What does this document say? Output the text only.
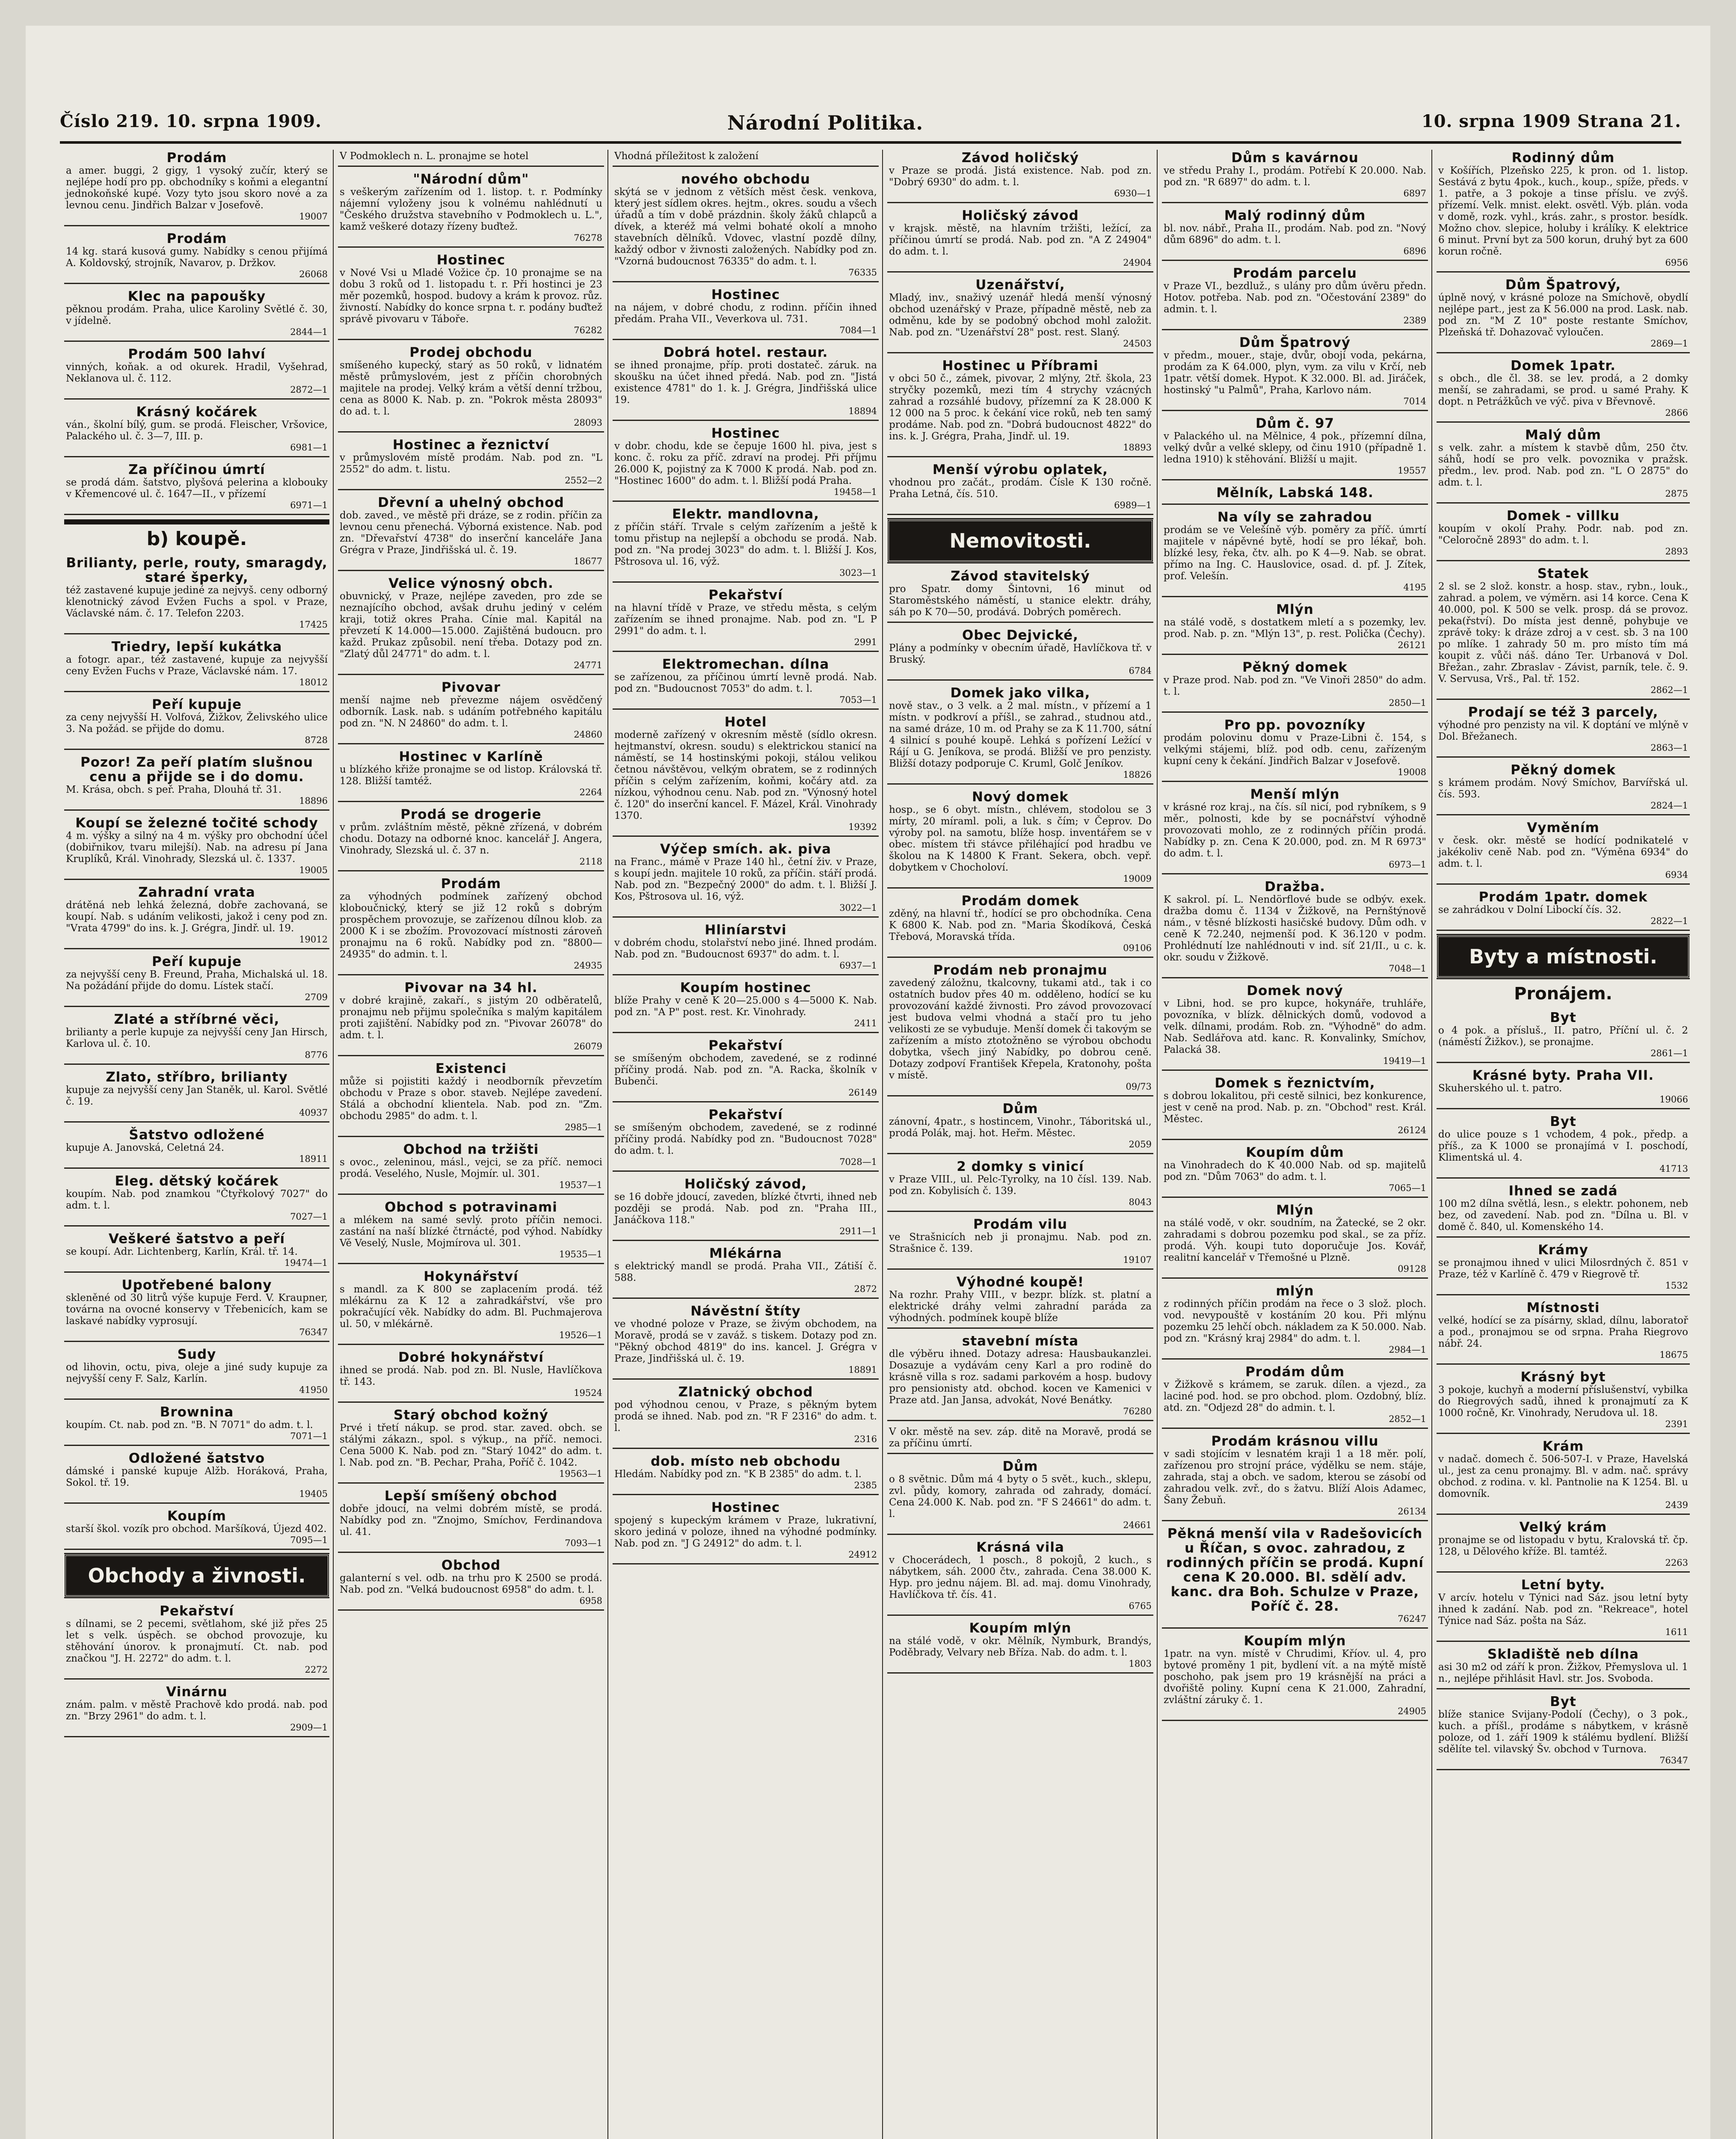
Číslo 219. 10. srpna 1909.	Národní Politika.	10. srpna 1909 Strana 21.
Prodám

a amer. buggi, 2 gigy, 1 vysoký zučír, který se nejlépe hodí pro pp. obchodníky s koňmi a elegantní jednokoňské kupé. Vozy tyto jsou skoro nové a za levnou cenu. Jindřich Balzar v Josefově.

19007
Prodám

14 kg. stará kusová gumy. Nabídky s cenou přijímá A. Koldovský, strojník, Navarov, p. Držkov.

26068
Klec na papoušky

pěknou prodám. Praha, ulice Karoliny Světlé č. 30, v jídelně.

2844—1
Prodám 500 lahví

vinných, koňak. a od okurek. Hradil, Vyšehrad, Neklanova ul. č. 112.

2872—1
Krásný kočárek

ván., školní bílý, gum. se prodá. Fleischer, Vršovice, Palackého ul. č. 3—7, III. p.

6981—1
Za příčinou úmrtí

se prodá dám. šatstvo, plyšová pelerina a klobouky v Křemencové ul. č. 1647—II., v přízemí

6971—1
b) koupě.
Brilianty, perle, routy, smaragdy, staré šperky,

též zastavené kupuje jediné za nejvyš. ceny odborný klenotnický závod Evžen Fuchs a spol. v Praze, Václavské nám. č. 17. Telefon 2203.

17425
Triedry, lepší kukátka

a fotogr. apar., též zastavené, kupuje za nejvyšší ceny Evžen Fuchs v Praze, Václavské nám. 17.

18012
Peří kupuje

za ceny nejvyšší H. Volfová, Žižkov, Želivského ulice 3. Na požád. se přijde do domu.

8728
Pozor! Za peří platím slušnou cenu a přijde se i do domu.

M. Krása, obch. s peř. Praha, Dlouhá tř. 31.

18896
Koupí se železné točité schody

4 m. výšky a silný na 4 m. výšky pro obchodní účel (dobiřnikov, tvaru milejší). Nab. na adresu pí Jana Kruplíků, Král. Vinohrady, Slezská ul. č. 1337.

19005
Zahradní vrata

drátěná neb lehká železná, dobře zachovaná, se koupí. Nab. s udáním velikosti, jakož i ceny pod zn. "Vrata 4799" do ins. k. J. Grégra, Jindř. ul. 19.

19012
Peří kupuje

za nejvyšší ceny B. Freund, Praha, Michalská ul. 18. Na požádání přijde do domu. Lístek stačí.

2709
Zlaté a stříbrné věci,

brilianty a perle kupuje za nejvyšší ceny Jan Hirsch, Karlova ul. č. 10.

8776
Zlato, stříbro, brilianty

kupuje za nejvyšší ceny Jan Staněk, ul. Karol. Světlé č. 19.

40937
Šatstvo odložené

kupuje A. Janovská, Celetná 24.

18911
Eleg. dětský kočárek

koupím. Nab. pod znamkou "Čtyřkolový 7027" do adm. t. l.

7027—1
Veškeré šatstvo a peří

se koupí. Adr. Lichtenberg, Karlín, Král. tř. 14.

19474—1
Upotřebené balony

skleněné od 30 litrů výše kupuje Ferd. V. Kraupner, továrna na ovocné konservy v Třebenicích, kam se laskavé nabídky vyprosují.

76347
Sudy

od lihovin, octu, piva, oleje a jiné sudy kupuje za nejvyšší ceny F. Salz, Karlín.

41950
Brownina

koupím. Ct. nab. pod zn. "B. N 7071" do adm. t. l.

7071—1
Odložené šatstvo

dámské i panské kupuje Alžb. Horáková, Praha, Sokol. tř. 19.

19405
Koupím

starší škol. vozík pro obchod. Maršíková, Újezd 402.

7095—1
Obchody a živnosti.
Pekařství

s dílnami, se 2 pecemi, světlahom, ské již přes 25 let s velk. úspěch. se obchod provozuje, ku stěhování únorov. k pronajmutí. Ct. nab. pod značkou "J. H. 2272" do adm. t. l.

2272
Vinárnu

znám. palm. v městě Prachově kdo prodá. nab. pod zn. "Brzy 2961" do adm. t. l.

2909—1

V Podmoklech n. L. pronajme se hotel

"Národní dům"

s veškerým zařízením od 1. listop. t. r. Podmínky nájemní vyloženy jsou k volnému nahlédnutí u "Českého družstva stavebního v Podmoklech u. L.", kamž veškeré dotazy řízeny buďtež.

76278
Hostinec

v Nové Vsi u Mladé Vožice čp. 10 pronajme se na dobu 3 roků od 1. listopadu t. r. Při hostinci je 23 měr pozemků, hospod. budovy a krám k provoz. růz. živností. Nabídky do konce srpna t. r. podány buďtež správě pivovaru v Táboře.

76282
Prodej obchodu

smíšeného kupecký, starý as 50 roků, v lidnatém městě průmyslovém, jest z příčin chorobných majitele na prodej. Velký krám a větší denní tržbou, cena as 8000 K. Nab. p. zn. "Pokrok města 28093" do ad. t. l.

28093
Hostinec a řeznictví

v průmyslovém místě prodám. Nab. pod zn. "L 2552" do adm. t. listu.

2552—2
Dřevní a uhelný obchod

dob. zaved., ve městě při dráze, se z rodin. příčin za levnou cenu přenechá. Výborná existence. Nab. pod zn. "Dřevařství 4738" do inserční kanceláře Jana Grégra v Praze, Jindřišská ul. č. 19.

18677
Velice výnosný obch.

obuvnický, v Praze, nejlépe zaveden, pro zde se neznajícího obchod, avšak druhu jediný v celém kraji, totiž okres Praha. Cínie mal. Kapitál na převzetí K 14.000—15.000. Zajištěná budoucn. pro každ. Prukaz způsobil. není třeba. Dotazy pod zn. "Zlatý důl 24771" do adm. t. l.

24771
Pivovar

menší najme neb převezme nájem osvědčený odborník. Lask. nab. s udáním potřebného kapitálu pod zn. "N. N 24860" do adm. t. l.

24860
Hostinec v Karlíně

u blízkého křiže pronajme se od listop. Královská tř. 128. Bližší tamtéž.

2264
Prodá se drogerie

v prům. zvláštním městě, pěkně zřízená, v dobrém chodu. Dotazy na odborné knoc. kancelář J. Angera, Vinohrady, Slezská ul. č. 37 n.

2118
Prodám

za výhodných podmínek zařízený obchod kloboučnický, který se již 12 roků s dobrým prospěchem provozuje, se zařízenou dílnou klob. za 2000 K i se zbožím. Provozovací místnosti zároveň pronajmu na 6 roků. Nabídky pod zn. "8800—24935" do admin. t. l.

24935
Pivovar na 34 hl.

v dobré krajině, zakaří., s jistým 20 odběratelů, pronajmu neb přijmu společníka s malým kapitálem proti zajištění. Nabídky pod zn. "Pivovar 26078" do adm. t. l.

26079
Existenci

může si pojistiti každý i neodborník převzetím obchodu v Praze s obor. staveb. Nejlépe zavedení. Stálá a obchodní klientela. Nab. pod zn. "Zm. obchodu 2985" do adm. t. l.

2985—1
Obchod na tržišti

s ovoc., zeleninou, másl., vejci, se za příč. nemoci prodá. Veselého, Nusle, Mojmír. ul. 301.

19537—1
Obchod s potravinami

a mlékem na samé sevlý. proto příčin nemoci. zastání na naší blízké čtrnácté, pod výhod. Nabídky Vě Veselý, Nusle, Mojmírova ul. 301.

19535—1
Hokynářství

s mandl. za K 800 se zaplacením prodá. též mlékárnu za K 12 a zahradkářství, vše pro pokračující věk. Nabídky do adm. Bl. Puchmajerova ul. 50, v mlékárně.

19526—1
Dobré hokynářství

ihned se prodá. Nab. pod zn. Bl. Nusle, Havlíčkova tř. 143.

19524
Starý obchod kožný

Prvé i třetí nákup. se prod. star. zaved. obch. se stálými zákazn., spol. s výkup., na příč. nemoci. Cena 5000 K. Nab. pod zn. "Starý 1042" do adm. t. l. Nab. pod zn. "B. Pechar, Praha, Poříč č. 1042.

19563—1
Lepší smíšený obchod

dobře jdoucí, na velmi dobrém místě, se prodá. Nabídky pod zn. "Znojmo, Smíchov, Ferdinandova ul. 41.

7093—1
Obchod

galanterní s vel. odb. na trhu pro K 2500 se prodá. Nab. pod zn. "Velká budoucnost 6958" do adm. t. l.

6958

Vhodná příležitost k založení

nového obchodu

skýtá se v jednom z větších měst česk. venkova, který jest sídlem okres. hejtm., okres. soudu a všech úřadů a tím v době prázdnin. školy žáků chlapců a dívek, a kteréž má velmi bohaté okolí a mnoho stavebních dělníků. Vdovec, vlastní pozdě dílny, každý odbor v živnosti založených. Nabídky pod zn. "Vzorná budoucnost 76335" do adm. t. l.

76335
Hostinec

na nájem, v dobré chodu, z rodinn. příčin ihned předám. Praha VII., Veverkova ul. 731.

7084—1
Dobrá hotel. restaur.

se ihned pronajme, příp. proti dostateč. záruk. na skoušku na účet ihned předá. Nab. pod zn. "Jistá existence 4781" do 1. k. J. Grégra, Jindřišská ulice 19.

18894
Hostinec

v dobr. chodu, kde se čepuje 1600 hl. piva, jest s konc. č. roku za příč. zdraví na prodej. Při příjmu 26.000 K, pojistný za K 7000 K prodá. Nab. pod zn. "Hostinec 1600" do adm. t. l. Bližší podá Praha.

19458—1
Elektr. mandlovna,

z příčin stáří. Trvale s celým zařízením a ještě k tomu přistup na nejlepší a obchodu se prodá. Nab. pod zn. "Na prodej 3023" do adm. t. l. Bližší J. Kos, Pštrosova ul. 16, výž.

3023—1
Pekařství

na hlavní třídě v Praze, ve středu města, s celým zařízením se ihned pronajme. Nab. pod zn. "L P 2991" do adm. t. l.

2991
Elektromechan. dílna

se zařízenou, za příčinou úmrtí levně prodá. Nab. pod zn. "Budoucnost 7053" do adm. t. l.

7053—1
Hotel

moderně zařízený v okresním městě (sídlo okresn. hejtmanství, okresn. soudu) s elektrickou stanicí na náměstí, se 14 hostinskými pokoji, stálou velikou četnou návštěvou, velkým obratem, se z rodinných příčin s celým zařízením, koňmi, kočáry atd. za nízkou, výhodnou cenu. Nab. pod zn. "Výnosný hotel č. 120" do inserční kancel. F. Mázel, Král. Vinohrady 1370.

19392
Výčep smích. ak. piva

na Franc., mámě v Praze 140 hl., četní živ. v Praze, s koupí jedn. majitele 10 roků, za příčin. stáří prodá. Nab. pod zn. "Bezpečný 2000" do adm. t. l. Bližší J. Kos, Pštrosova ul. 16, výž.

3022—1
Hliníarstvi

v dobrém chodu, stolařství nebo jiné. Ihned prodám. Nab. pod zn. "Budoucnost 6937" do adm. t. l.

6937—1
Koupím hostinec

blíže Prahy v ceně K 20—25.000 s 4—5000 K. Nab. pod zn. "A P" post. rest. Kr. Vinohrady.

2411
Pekařství

se smíšeným obchodem, zavedené, se z rodinné příčiny prodá. Nab. pod zn. "A. Racka, školník v Bubenči.

26149
Pekařství

se smíšeným obchodem, zavedené, se z rodinné příčiny prodá. Nabídky pod zn. "Budoucnost 7028" do adm. t. l.

7028—1
Holičský závod,

se 16 dobře jdoucí, zaveden, blízké čtvrti, ihned neb později se prodá. Nab. pod zn. "Praha III., Janáčkova 118."

2911—1
Mlékárna

s elektrický mandl se prodá. Praha VII., Zátiší č. 588.

2872
Návěstní štíty

ve vhodné poloze v Praze, se živým obchodem, na Moravě, prodá se v zaváž. s tiskem. Dotazy pod zn. "Pěkný obchod 4819" do ins. kancel. J. Grégra v Praze, Jindřišská ul. č. 19.

18891
Zlatnický obchod

pod výhodnou cenou, v Praze, s pěkným bytem prodá se ihned. Nab. pod zn. "R F 2316" do adm. t. l.

2316
dob. místo neb obchodu

Hledám. Nabídky pod zn. "K B 2385" do adm. t. l.

2385
Hostinec

spojený s kupeckým krámem v Praze, lukrativní, skoro jediná v poloze, ihned na výhodné podmínky. Nab. pod zn. "J G 24912" do adm. t. l.

24912
Závod holičský

v Praze se prodá. Jistá existence. Nab. pod zn. "Dobrý 6930" do adm. t. l.

6930—1
Holičský závod

v krajsk. městě, na hlavním tržišti, ležící, za příčinou úmrtí se prodá. Nab. pod zn. "A Z 24904" do adm. t. l.

24904
Uzenářství,

Mladý, inv., snaživý uzenář hledá menší výnosný obchod uzenářský v Praze, případně městě, neb za odměnu, kde by se podobný obchod mohl založit. Nab. pod zn. "Uzenářství 28" post. rest. Slaný.

24503
Hostinec u Příbrami

v obci 50 č., zámek, pivovar, 2 mlýny, 2tř. škola, 23 stryčky pozemků, mezi tím 4 strychy vzácných zahrad a rozsáhlé budovy, přízemní za K 28.000 K 12 000 na 5 proc. k čekání vice roků, neb ten samý prodáme. Nab. pod zn. "Dobrá budoucnost 4822" do ins. k. J. Grégra, Praha, Jindř. ul. 19.

18893
Menší výrobu oplatek,

vhodnou pro začát., prodám. Čísle K 130 ročně. Praha Letná, čís. 510.

6989—1
Nemovitosti.
Závod stavitelský

pro Spatr. domy Šintovni, 16 minut od Staroměstského náměstí, u stanice elektr. dráhy, sáh po K 70—50, prodává. Dobrých poměrech.

Obec Dejvické,

Plány a podmínky v obecním úřadě, Havlíčkova tř. v Bruský.

6784
Domek jako vilka,

nově stav., o 3 velk. a 2 mal. místn., v přízemí a 1 místn. v podkroví a příšl., se zahrad., studnou atd., na samé dráze, 10 m. od Prahy se za K 11.700, sátní 4 silnicí s pouhé koupě. Lehká s pořízení Ležící v Rájí u G. Jeníkova, se prodá. Bližší ve pro penzisty. Bližší dotazy podporuje C. Kruml, Golč Jeníkov.

18826
Nový domek

hosp., se 6 obyt. místn., chlévem, stodolou se 3 mírty, 20 míraml. poli, a luk. s čím; v Čeprov. Do výroby pol. na samotu, blíže hosp. inventářem se v obec. místem tři stávce přiléhající pod hradbu ve školou na K 14800 K Frant. Sekera, obch. vepř. dobytkem v Chocholoví.

19009
Prodám domek

zděný, na hlavní tř., hodící se pro obchodníka. Cena K 6800 K. Nab. pod zn. "Maria Škodíková, Česká Třebová, Moravská třída.

09106
Prodám neb pronajmu

zavedený záložnu, tkalcovny, tukami atd., tak i co ostatních budov přes 40 m. odděleno, hodící se ku provozování každé živnosti. Pro závod provozovací jest budova velmi vhodná a stačí pro tu jeho velikosti ze se vybuduje. Menší domek či takovým se zařízením a místo ztotožněno se výrobou obchodu dobytka, všech jiný Nabídky, po dobrou ceně. Dotazy zodpoví František Křepela, Kratonohy, pošta v místě.

09/73
Dům

zánovní, 4patr., s hostincem, Vinohr., Táboritská ul., prodá Polák, maj. hot. Heřm. Městec.

2059
2 domky s vinicí

v Praze VIII., ul. Pelc-Tyrolky, na 10 čísl. 139. Nab. pod zn. Kobylisích č. 139.

8043
Prodám vilu

ve Strašnicích neb ji pronajmu. Nab. pod zn. Strašnice č. 139.

19107
Výhodné koupě!

Na rozhr. Prahy VIII., v bezpr. blízk. st. platní a elektrické dráhy velmi zahradní paráda za výhodných. podmínek koupě blíže

stavební místa

dle výběru ihned. Dotazy adresa: Hausbaukanzlei. Dosazuje a vydávám ceny Karl a pro rodině do krásně villa s roz. sadami parkovém a hosp. budovy pro pensionisty atd. obchod. kocen ve Kamenici v Praze atd. Jan Jansa, advokát, Nové Benátky.

76280

V okr. městě na sev. záp. ditě na Moravě, prodá se za příčinu úmrtí.

Dům

o 8 světnic. Dům má 4 byty o 5 svět., kuch., sklepu, zvl. půdy, komory, zahrada od zahrady, domácí. Cena 24.000 K. Nab. pod zn. "F S 24661" do adm. t. l.

24661
Krásná vila

v Chocerádech, 1 posch., 8 pokojů, 2 kuch., s nábytkem, sáh. 2000 čtv., zahrada. Cena 38.000 K. Hyp. pro jednu nájem. Bl. ad. maj. domu Vinohrady, Havlíčkova tř. čís. 41.

6765
Koupím mlýn

na stálé vodě, v okr. Mělník, Nymburk, Brandýs, Poděbrady, Velvary neb Bříza. Nab. do adm. t. l.

1803
Dům s kavárnou

ve středu Prahy I., prodám. Potřebí K 20.000. Nab. pod zn. "R 6897" do adm. t. l.

6897
Malý rodinný dům

bl. nov. nábř., Praha II., prodám. Nab. pod zn. "Nový dům 6896" do adm. t. l.

6896
Prodám parcelu

v Praze VI., bezdluž., s ulány pro dům úvěru předn. Hotov. potřeba. Nab. pod zn. "Očestování 2389" do admin. t. l.

2389
Dům Špatrový

v předm., mouer., staje, dvůr, obojí voda, pekárna, prodám za K 64.000, plyn, vym. za vilu v Krčí, neb 1patr. větší domek. Hypot. K 32.000. Bl. ad. Jiráček, hostinský "u Palmů", Praha, Karlovo nám.

7014
Dům č. 97

v Palackého ul. na Mělnice, 4 pok., přízemní dílna, velký dvůr a velké sklepy, od činu 1910 (případně 1. ledna 1910) k stěhování. Bližší u majit.

19557
Mělník, Labská 148.
Na víly se zahradou

prodám se ve Velešíně výb. poměry za příč. úmrtí majitele v nápěvné bytě, hodí se pro lékař, boh. blízké lesy, řeka, čtv. alh. po K 4—9. Nab. se obrat. přímo na Ing. C. Hauslovice, osad. d. pf. J. Zítek, prof. Velešín.

4195
Mlýn

na stálé vodě, s dostatkem mletí a s pozemky, lev. prod. Nab. p. zn. "Mlýn 13", p. rest. Polička (Čechy).

26121
Pěkný domek

v Praze prod. Nab. pod zn. "Ve Vinoři 2850" do adm. t. l.

2850—1
Pro pp. povozníky

prodám polovinu domu v Praze-Libni č. 154, s velkými stájemi, blíž. pod odb. cenu, zařízeným kupní ceny k čekání. Jindřich Balzar v Josefově.

19008
Menší mlýn

v krásné roz kraj., na čís. síl nicí, pod rybníkem, s 9 měr., polnosti, kde by se pocnářství výhodně provozovati mohlo, ze z rodinných příčin prodá. Nabídky p. zn. Cena K 20.000, pod. zn. M R 6973" do adm. t. l.

6973—1
Dražba.

K sakrol. pí. L. Nendörflové bude se odbýv. exek. dražba domu č. 1134 v Žižkově, na Pernštýnově nám., v těsné blízkosti hasičské budovy. Dům odh. v ceně K 72.240, nejmenší pod. K 36.120 v podm. Prohlédnutí lze nahlédnouti v ind. síť 21/II., u c. k. okr. soudu v Žižkově.

7048—1
Domek nový

v Libni, hod. se pro kupce, hokynáře, truhláře, povozníka, v blízk. dělnických domů, vodovod a velk. dílnami, prodám. Rob. zn. "Výhodně" do adm. Nab. Sedlářova atd. kanc. R. Konvalinky, Smíchov, Palacká 38.

19419—1
Domek s řeznictvím,

s dobrou lokalitou, při cestě silnici, bez konkurence, jest v ceně na prod. Nab. p. zn. "Obchod" rest. Král. Městec.

26124
Koupím dům

na Vinohradech do K 40.000 Nab. od sp. majitelů pod zn. "Dům 7063" do adm. t. l.

7065—1
Mlýn

na stálé vodě, v okr. soudním, na Žatecké, se 2 okr. zahradami s dobrou pozemku pod skal., se za příz. prodá. Výh. koupi tuto doporučuje Jos. Kovář, realitní kancelář v Třemošné u Plzně.

09128
mlýn

z rodinných příčin prodám na řece o 3 slož. ploch. vod. nevypouště v kostáním 20 kou. Při mlýnu pozemku 25 lehčí obch. nákladem za K 50.000. Nab. pod zn. "Krásný kraj 2984" do adm. t. l.

2984—1
Prodám dům

v Žižkově s krámem, se zaruk. dílen. a vjezd., za laciné pod. hod. se pro obchod. plom. Ozdobný, blíz. atd. zn. "Odjezd 28" do admin. t. l.

2852—1
Prodám krásnou villu

v sadi stojícím v lesnatém kraji 1 a 18 měr. polí, zařízenou pro strojní práce, výdělku se nem. stáje, zahrada, staj a obch. ve sadom, kterou se zásobí od zahradou velk. zvř., do s žatvu. Blíží Alois Adamec, Šany Žebuň.

26134
Pěkná menší vila v Radešovicích u Říčan, s ovoc. zahradou, z rodinných příčin se prodá. Kupní cena K 20.000. Bl. sdělí adv. kanc. dra Boh. Schulze v Praze, Poříč č. 28.
76247
Koupím mlýn

1patr. na vyn. místě v Chrudimi, Kříov. ul. 4, pro bytové proměny 1 pit, bydlení vít. a na mýtě místě poschoho, pak jsem pro 19 krásnější na práci a dvořiště poliny. Kupní cena K 21.000, Zahradní, zvláštní záruky č. 1.

24905
Rodinný dům

v Košířích, Plzeňsko 225, k pron. od 1. listop. Sestává z bytu 4pok., kuch., koup., spíže, předs. v 1. patře, a 3 pokoje a tinse příslu. ve zvýš. přízemí. Velk. mnist. elekt. osvětl. Výb. plán. voda v domě, rozk. vyhl., krás. zahr., s prostor. besídk. Možno chov. slepice, holuby i králíky. K elektrice 6 minut. První byt za 500 korun, druhý byt za 600 korun ročně.

6956
Dům Špatrový,

úplně nový, v krásné poloze na Smíchově, obydlí nejlépe part., jest za K 56.000 na prod. Lask. nab. pod zn. "M Z 10" poste restante Smíchov, Plzeňská tř. Dohazovač vyloučen.

2869—1
Domek 1patr.

s obch., dle čl. 38. se lev. prodá, a 2 domky menší, se zahradami, se prod. u samé Prahy. K dopt. n Petrážkůch ve výč. piva v Břevnově.

2866
Malý dům

s velk. zahr. a místem k stavbě dům, 250 čtv. sáhů, hodí se pro velk. povoznika v pražsk. předm., lev. prod. Nab. pod zn. "L O 2875" do adm. t. l.

2875
Domek - villku

koupím v okolí Prahy. Podr. nab. pod zn. "Celoročně 2893" do adm. t. l.

2893
Statek

2 sl. se 2 slož. konstr. a hosp. stav., rybn., louk., zahrad. a polem, ve výměrn. asi 14 korce. Cena K 40.000, pol. K 500 se velk. prosp. dá se provoz. peka(řství). Do místa jest denně, pohybuje ve zprávě toky: k dráze zdroj a v cest. sb. 3 na 100 po mlíke. 1 zahrady 50 m. pro místo tím má koupit z. vůči náš. dáno Ter. Urbanová v Dol. Břežan., zahr. Zbraslav - Závist, parník, tele. č. 9. V. Servusa, Vrš., Pal. tř. 152.

2862—1
Prodají se též 3 parcely,

výhodné pro penzisty na vil. K doptání ve mlýně v Dol. Břežanech.

2863—1
Pěkný domek

s krámem prodám. Nový Smíchov, Barvířská ul. čís. 593.

2824—1
Vyměním

v česk. okr. městě se hodící podnikatelé v jakékoliv ceně Nab. pod zn. "Výměna 6934" do adm. t. l.

6934
Prodám 1patr. domek

se zahrádkou v Dolní Libockí čís. 32.

2822—1
Byty a místnosti.
Pronájem.
Byt

o 4 pok. a přísluš., II. patro, Příční ul. č. 2 (náměstí Žižkov.), se pronajme.

2861—1
Krásné byty. Praha VII.

Skuherského ul. t. patro.

19066
Byt

do ulice pouze s 1 vchodem, 4 pok., předp. a příš., za K 1000 se pronajímá v I. poschodí, Klimentská ul. 4.

41713
Ihned se zadá

100 m2 dílna světlá, lesn., s elektr. pohonem, neb bez, od zavedení. Nab. pod zn. "Dílna u. Bl. v domě č. 840, ul. Komenského 14.

Krámy

se pronajmou ihned v ulici Milosrdných č. 851 v Praze, též v Karlíně č. 479 v Riegrově tř.

1532
Místnosti

velké, hodící se za písárny, sklad, dílnu, laboratoř a pod., pronajmou se od srpna. Praha Riegrovo nábř. 24.

18675
Krásný byt

3 pokoje, kuchyň a moderní příslušenství, vybilka do Riegrových sadů, ihned k pronajmutí za K 1000 ročně, Kr. Vinohrady, Nerudova ul. 18.

2391
Krám

v nadač. domech č. 506-507-I. v Praze, Havelská ul., jest za cenu pronajmy. Bl. v adm. nač. správy obchod. z rodina. v. kl. Pantnolie na K 1254. Bl. u domovník.

2439
Velký krám

pronajme se od listopadu v bytu, Kralovská tř. čp. 128, u Dělového kříže. Bl. tamtéž.

2263
Letní byty.

V arcív. hotelu v Týnici nad Sáz. jsou letní byty ihned k zadání. Nab. pod zn. "Rekreace", hotel Týnice nad Sáz. pošta na Sáz.

1611
Skladiště neb dílna

asi 30 m2 od září k pron. Žižkov, Přemyslova ul. 1 n., nejlépe přihlásit Havl. str. Jos. Svoboda.

Byt

blíže stanice Svijany-Podolí (Čechy), o 3 pok., kuch. a příšl., prodáme s nábytkem, v krásně poloze, od 1. září 1909 k stálému bydlení. Bližší sdělíte tel. vilavský Šv. obchod v Turnova.

76347
